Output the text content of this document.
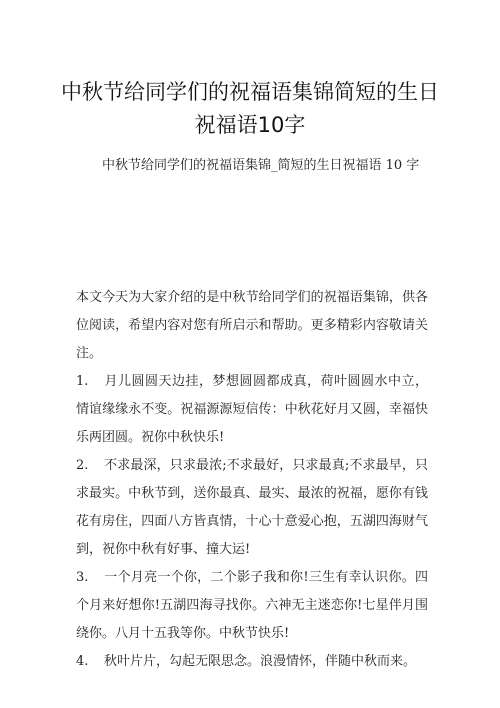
中秋节给同学们的祝福语集锦简短的生日祝福语10字

中秋节给同学们的祝福语集锦_简短的生日祝福语 10 字

本文今天为大家介绍的是中秋节给同学们的祝福语集锦，供各位阅读，希望内容对您有所启示和帮助。更多精彩内容敬请关注。

1. 月儿圆圆天边挂，梦想圆圆都成真，荷叶圆圆水中立，情谊缘缘永不变。祝福源源短信传：中秋花好月又圆，幸福快乐两团圆。祝你中秋快乐!

2. 不求最深，只求最浓;不求最好，只求最真;不求最早，只求最实。中秋节到，送你最真、最实、最浓的祝福，愿你有钱花有房住，四面八方皆真情，十心十意爱心抱，五湖四海财气到，祝你中秋有好事、撞大运!

3. 一个月亮一个你，二个影子我和你!三生有幸认识你。四个月来好想你!五湖四海寻找你。六神无主迷恋你!七星伴月围绕你。八月十五我等你。中秋节快乐!

4. 秋叶片片，勾起无限思念。浪漫情怀，伴随中秋而来。
